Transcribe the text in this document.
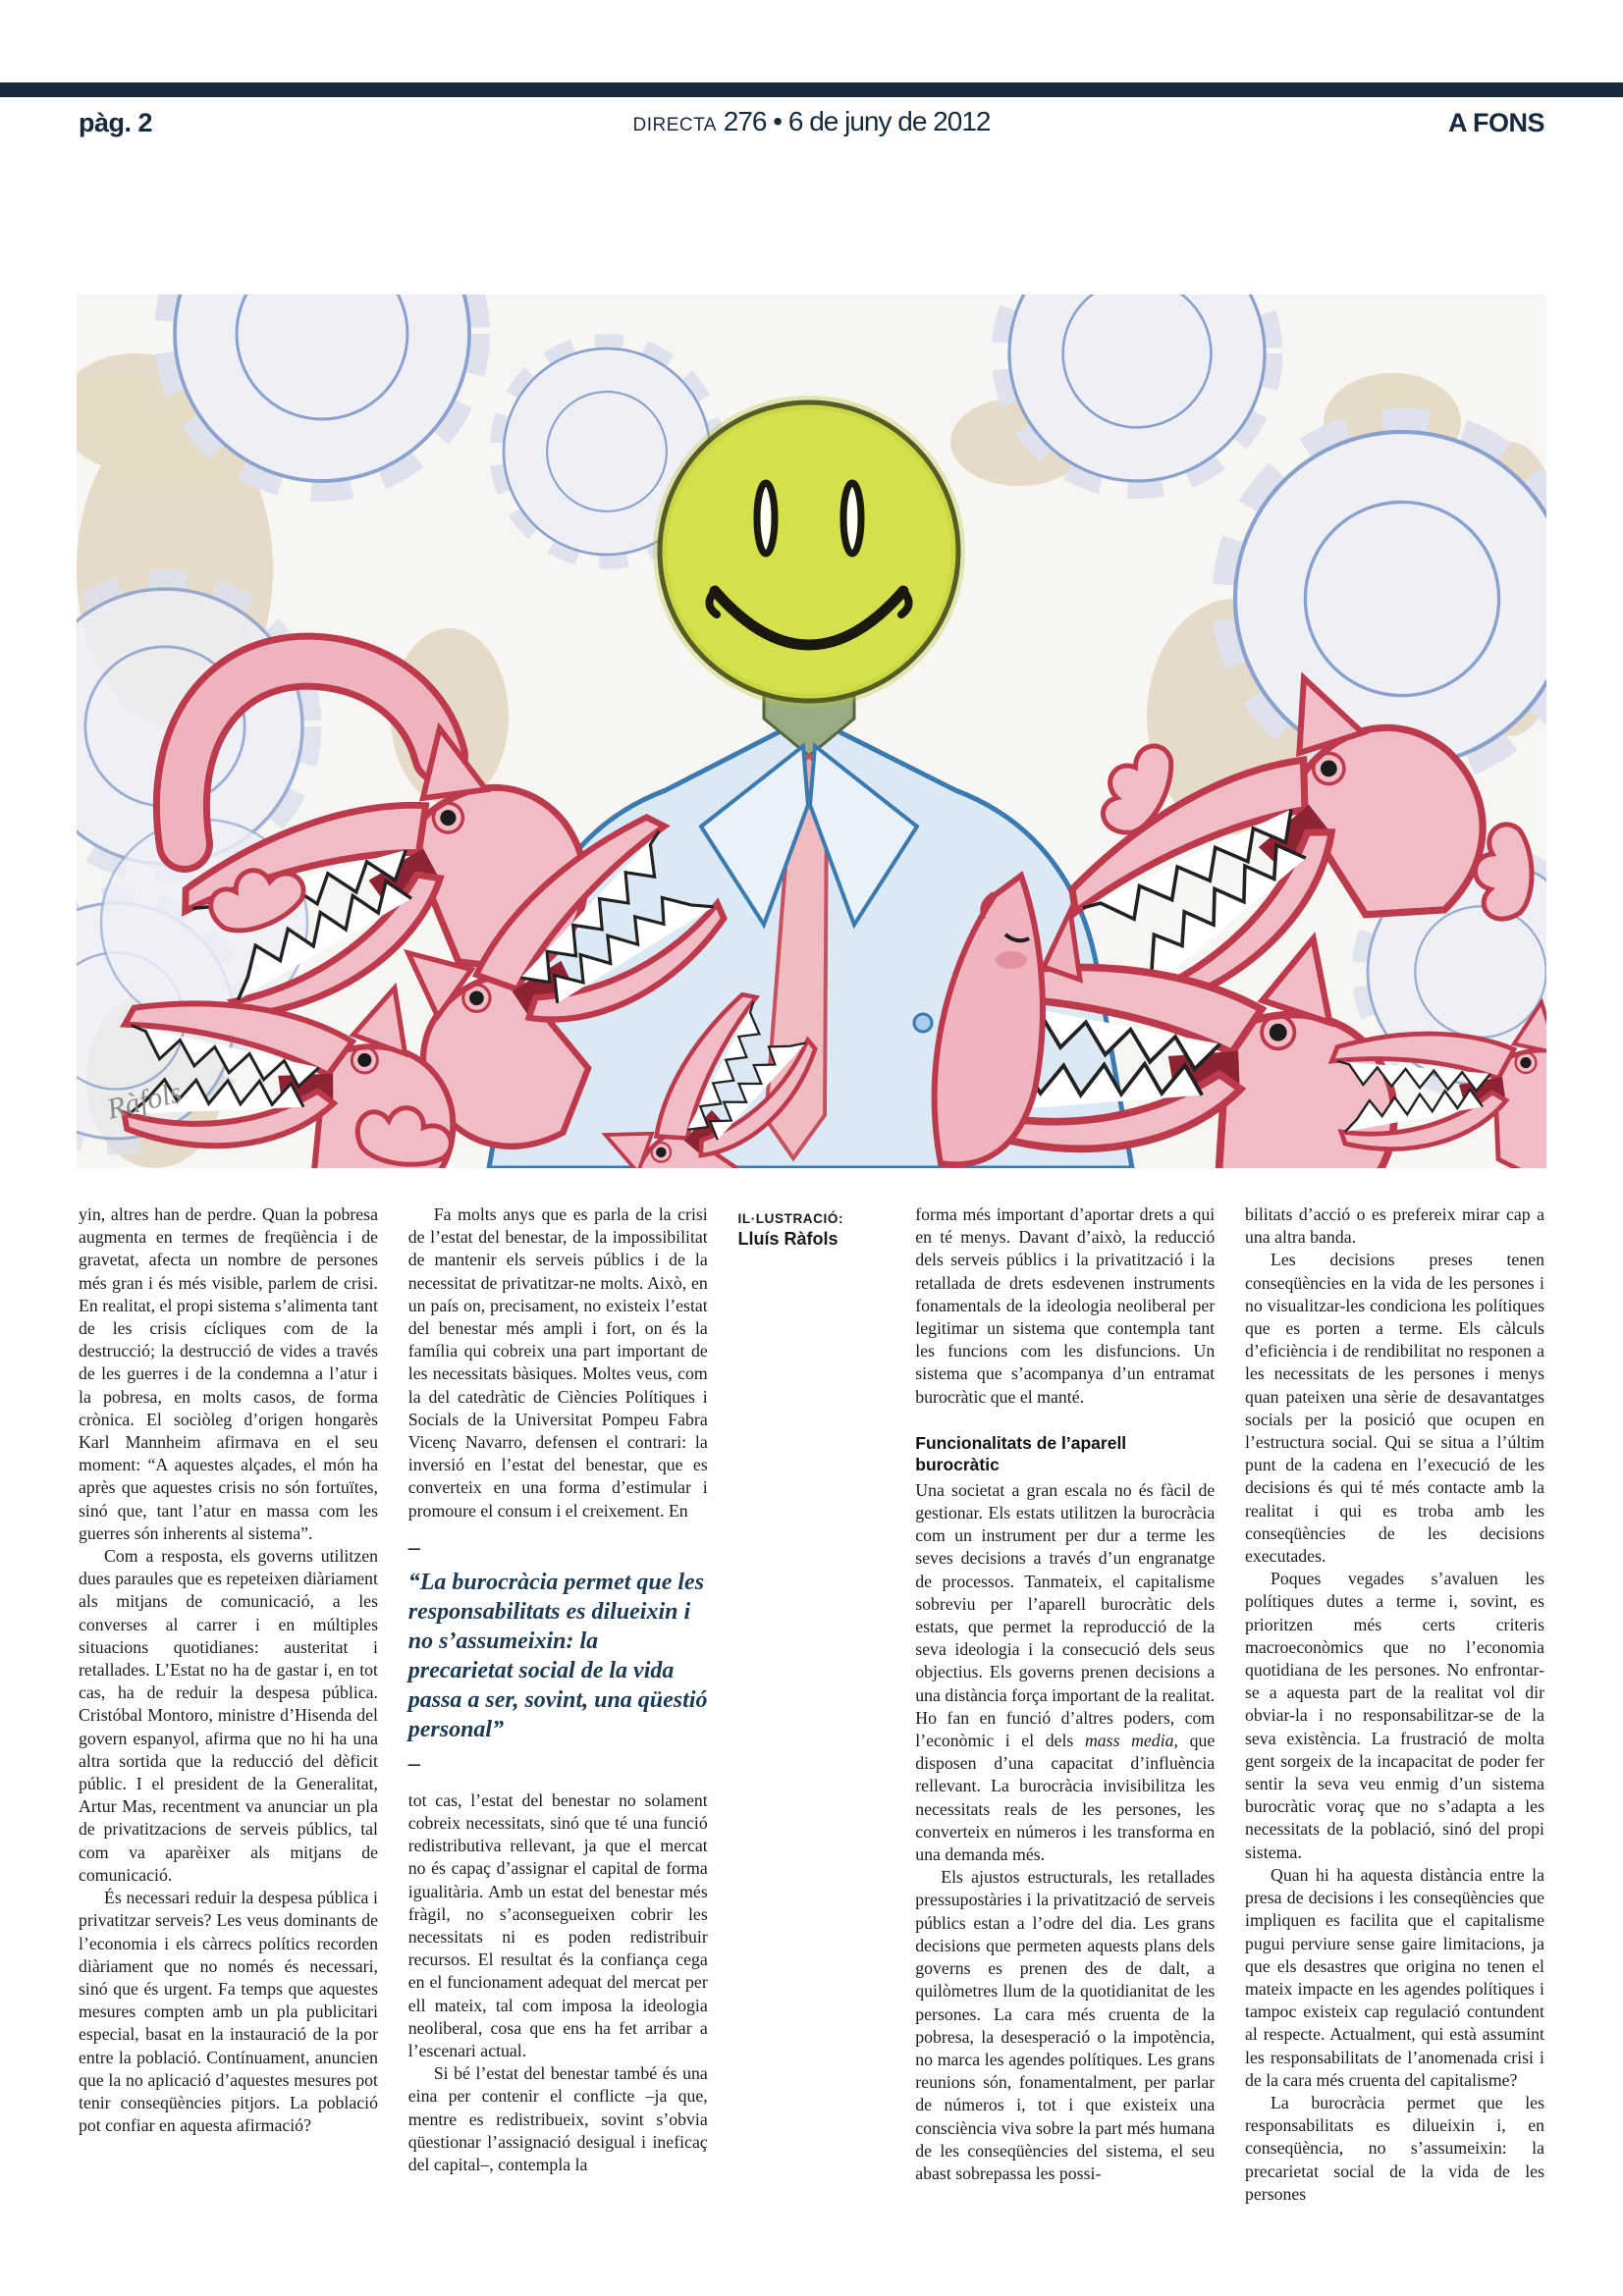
pàg. 2	DIRECTA 276 • 6 de juny de 2012	A FONS
Ràfols

yin, altres han de perdre. Quan la pobresa augmenta en termes de freqüència i de gravetat, afecta un nombre de persones més gran i és més visible, parlem de crisi. En realitat, el propi sistema s’alimenta tant de les crisis cícliques com de la destrucció; la destrucció de vides a través de les guerres i de la condemna a l’atur i la pobresa, en molts casos, de forma crònica. El sociòleg d’origen hongarès Karl Mannheim afirmava en el seu moment: “A aquestes alçades, el món ha après que aquestes crisis no són fortuïtes, sinó que, tant l’atur en massa com les guerres són inherents al sistema”.

Com a resposta, els governs utilitzen dues paraules que es repeteixen diàriament als mitjans de comunicació, a les converses al carrer i en múltiples situacions quotidianes: austeritat i retallades. L’Estat no ha de gastar i, en tot cas, ha de reduir la despesa pública. Cristóbal Montoro, ministre d’Hisenda del govern espanyol, afirma que no hi ha una altra sortida que la reducció del dèficit públic. I el president de la Generalitat, Artur Mas, recentment va anunciar un pla de privatitzacions de serveis públics, tal com va aparèixer als mitjans de comunicació.

És necessari reduir la despesa pública i privatitzar serveis? Les veus dominants de l’economia i els càrrecs polítics recorden diàriament que no només és necessari, sinó que és urgent. Fa temps que aquestes mesures compten amb un pla publicitari especial, basat en la instauració de la por entre la població. Contínuament, anuncien que la no aplicació d’aquestes mesures pot tenir conseqüències pitjors. La població pot confiar en aquesta afirmació?

Fa molts anys que es parla de la crisi de l’estat del benestar, de la impossibilitat de mantenir els serveis públics i de la necessitat de privatitzar-ne molts. Això, en un país on, precisament, no existeix l’estat del benestar més ampli i fort, on és la família qui cobreix una part important de les necessitats bàsiques. Moltes veus, com la del catedràtic de Ciències Polítiques i Socials de la Universitat Pompeu Fabra Vicenç Navarro, defensen el contrari: la inversió en l’estat del benestar, que es converteix en una forma d’estimular i promoure el consum i el creixement. En

–
“La burocràcia permet que les responsabilitats es dilueixin i no s’assumeixin: la precarietat social de la vida passa a ser, sovint, una qüestió personal”
–

tot cas, l’estat del benestar no solament cobreix necessitats, sinó que té una funció redistributiva rellevant, ja que el mercat no és capaç d’assignar el capital de forma igualitària. Amb un estat del benestar més fràgil, no s’aconsegueixen cobrir les necessitats ni es poden redistribuir recursos. El resultat és la confiança cega en el funcionament adequat del mercat per ell mateix, tal com imposa la ideologia neoliberal, cosa que ens ha fet arribar a l’escenari actual.

Si bé l’estat del benestar també és una eina per contenir el conflicte –ja que, mentre es redistribueix, sovint s’obvia qüestionar l’assignació desigual i ineficaç del capital–, contempla la

IL·LUSTRACIÓ:
Lluís Ràfols

forma més important d’aportar drets a qui en té menys. Davant d’això, la reducció dels serveis públics i la privatització i la retallada de drets esdevenen instruments fonamentals de la ideologia neoliberal per legitimar un sistema que contempla tant les funcions com les disfuncions. Un sistema que s’acompanya d’un entramat burocràtic que el manté.

Funcionalitats de l’aparell burocràtic

Una societat a gran escala no és fàcil de gestionar. Els estats utilitzen la burocràcia com un instrument per dur a terme les seves decisions a través d’un engranatge de processos. Tanmateix, el capitalisme sobreviu per l’aparell burocràtic dels estats, que permet la reproducció de la seva ideologia i la consecució dels seus objectius. Els governs prenen decisions a una distància força important de la realitat. Ho fan en funció d’altres poders, com l’econòmic i el dels mass media, que disposen d’una capacitat d’influència rellevant. La burocràcia invisibilitza les necessitats reals de les persones, les converteix en números i les transforma en una demanda més.

Els ajustos estructurals, les retallades pressupostàries i la privatització de serveis públics estan a l’odre del dia. Les grans decisions que permeten aquests plans dels governs es prenen des de dalt, a quilòmetres llum de la quotidianitat de les persones. La cara més cruenta de la pobresa, la desesperació o la impotència, no marca les agendes polítiques. Les grans reunions són, fonamentalment, per parlar de números i, tot i que existeix una consciència viva sobre la part més humana de les conseqüències del sistema, el seu abast sobrepassa les possi-

bilitats d’acció o es prefereix mirar cap a una altra banda.

Les decisions preses tenen conseqüències en la vida de les persones i no visualitzar-les condiciona les polítiques que es porten a terme. Els càlculs d’eficiència i de rendibilitat no responen a les necessitats de les persones i menys quan pateixen una sèrie de desavantatges socials per la posició que ocupen en l’estructura social. Qui se situa a l’últim punt de la cadena en l’execució de les decisions és qui té més contacte amb la realitat i qui es troba amb les conseqüències de les decisions executades.

Poques vegades s’avaluen les polítiques dutes a terme i, sovint, es prioritzen més certs criteris macroeconòmics que no l’economia quotidiana de les persones. No enfrontar-se a aquesta part de la realitat vol dir obviar-la i no responsabilitzar-se de la seva existència. La frustració de molta gent sorgeix de la incapacitat de poder fer sentir la seva veu enmig d’un sistema burocràtic voraç que no s’adapta a les necessitats de la població, sinó del propi sistema.

Quan hi ha aquesta distància entre la presa de decisions i les conseqüències que impliquen es facilita que el capitalisme pugui perviure sense gaire limitacions, ja que els desastres que origina no tenen el mateix impacte en les agendes polítiques i tampoc existeix cap regulació contundent al respecte. Actualment, qui està assumint les responsabilitats de l’anomenada crisi i de la cara més cruenta del capitalisme?

La burocràcia permet que les responsabilitats es dilueixin i, en conseqüència, no s’assumeixin: la precarietat social de la vida de les persones
